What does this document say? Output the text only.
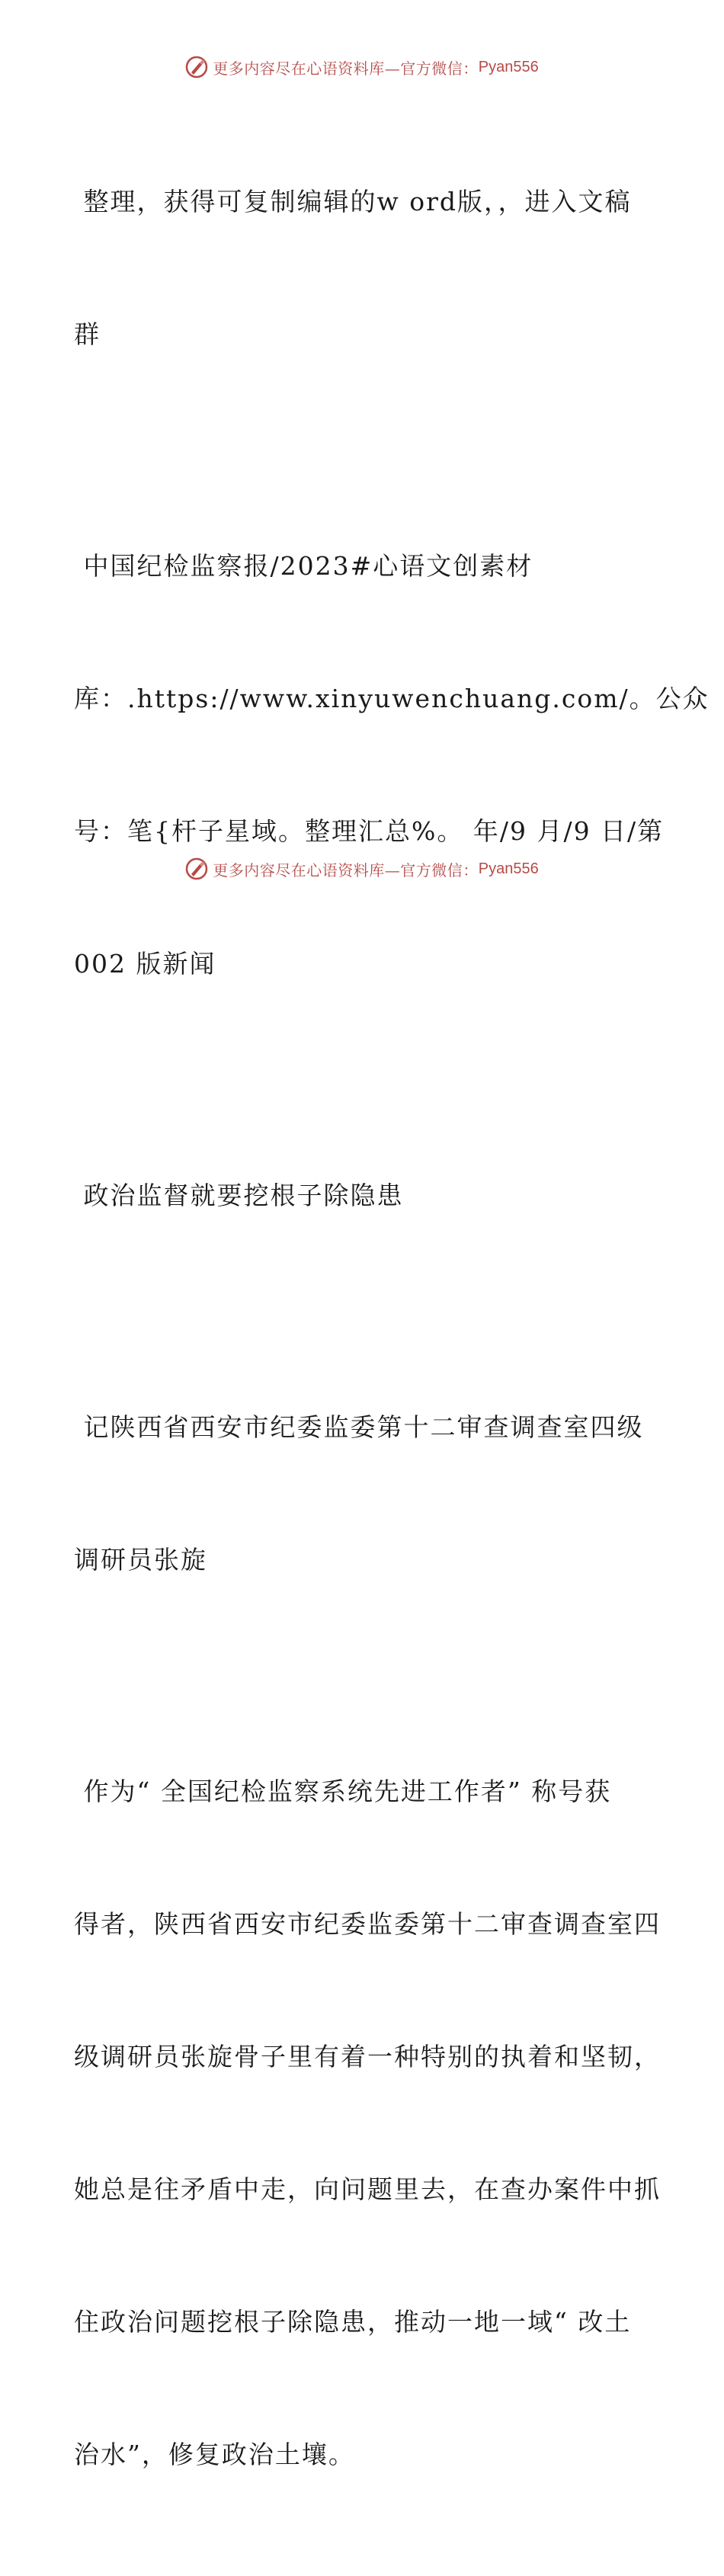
更多内容尽在心语资料库—官方微信： Pyan556

整理，获得可复制编辑的w ord版，，进入文稿

群

中国纪检监察报/2023#心语文创素材

库：.https://www.xinyuwenchuang.com/。公众

号：笔{杆子星域。整理汇总%。 年/9 月/9 日/第

002 版新闻

政治监督就要挖根子除隐患

记陕西省西安市纪委监委第十二审查调查室四级

调研员张旋

作为“ 全国纪检监察系统先进工作者” 称号获

得者，陕西省西安市纪委监委第十二审查调查室四

级调研员张旋骨子里有着一种特别的执着和坚韧，

她总是往矛盾中走，向问题里去，在查办案件中抓

住政治问题挖根子除隐患，推动一地一域“ 改土

治水”，修复政治土壤。

更多内容尽在心语资料库—官方微信： Pyan556
